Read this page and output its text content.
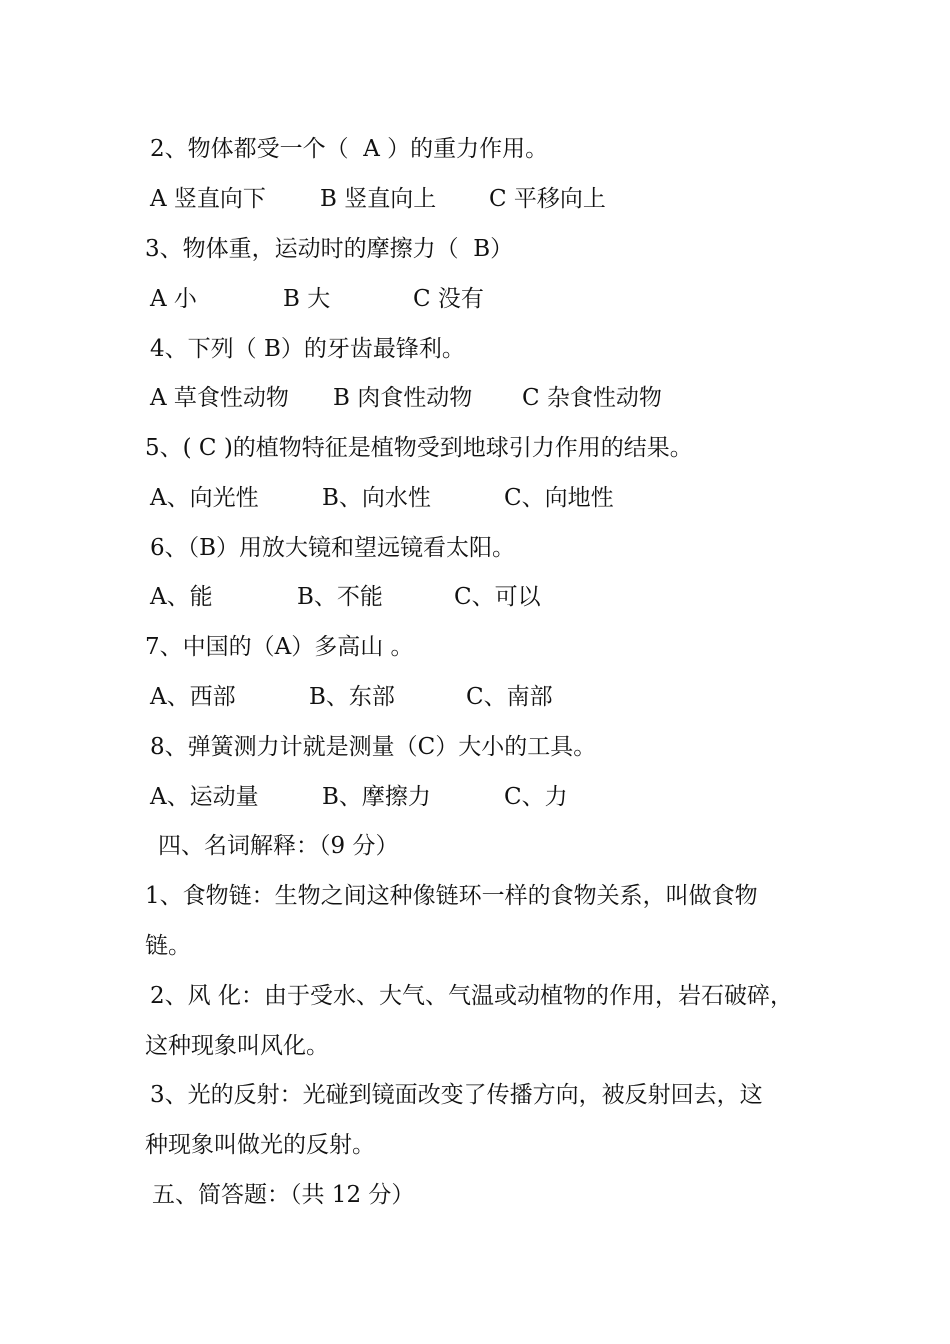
2、物体都受一个（  A ）的重力作用。
A 竖直向下 B 竖直向上 C 平移向上
3、物体重，运动时的摩擦力（  B）
A 小	B 大	C 没有
4、下列（ B）的牙齿最锋利。
A 草食性动物 B 肉食性动物 C 杂食性动物
5、( C )的植物特征是植物受到地球引力作用的结果。
A、向光性	B、向水性	C、向地性
6、（B）用放大镜和望远镜看太阳。
A、能	B、不能	C、可以
7、中国的（A）多高山 。
A、西部	B、东部	C、南部
8、弹簧测力计就是测量（C）大小的工具。
A、运动量	B、摩擦力	C、力
四、名词解释：（9 分）
1、食物链：生物之间这种像链环一样的食物关系，叫做食物
链。
2、风 化：由于受水、大气、气温或动植物的作用，岩石破碎，
这种现象叫风化。
3、光的反射：光碰到镜面改变了传播方向，被反射回去，这
种现象叫做光的反射。
五、简答题：（共 12 分）
